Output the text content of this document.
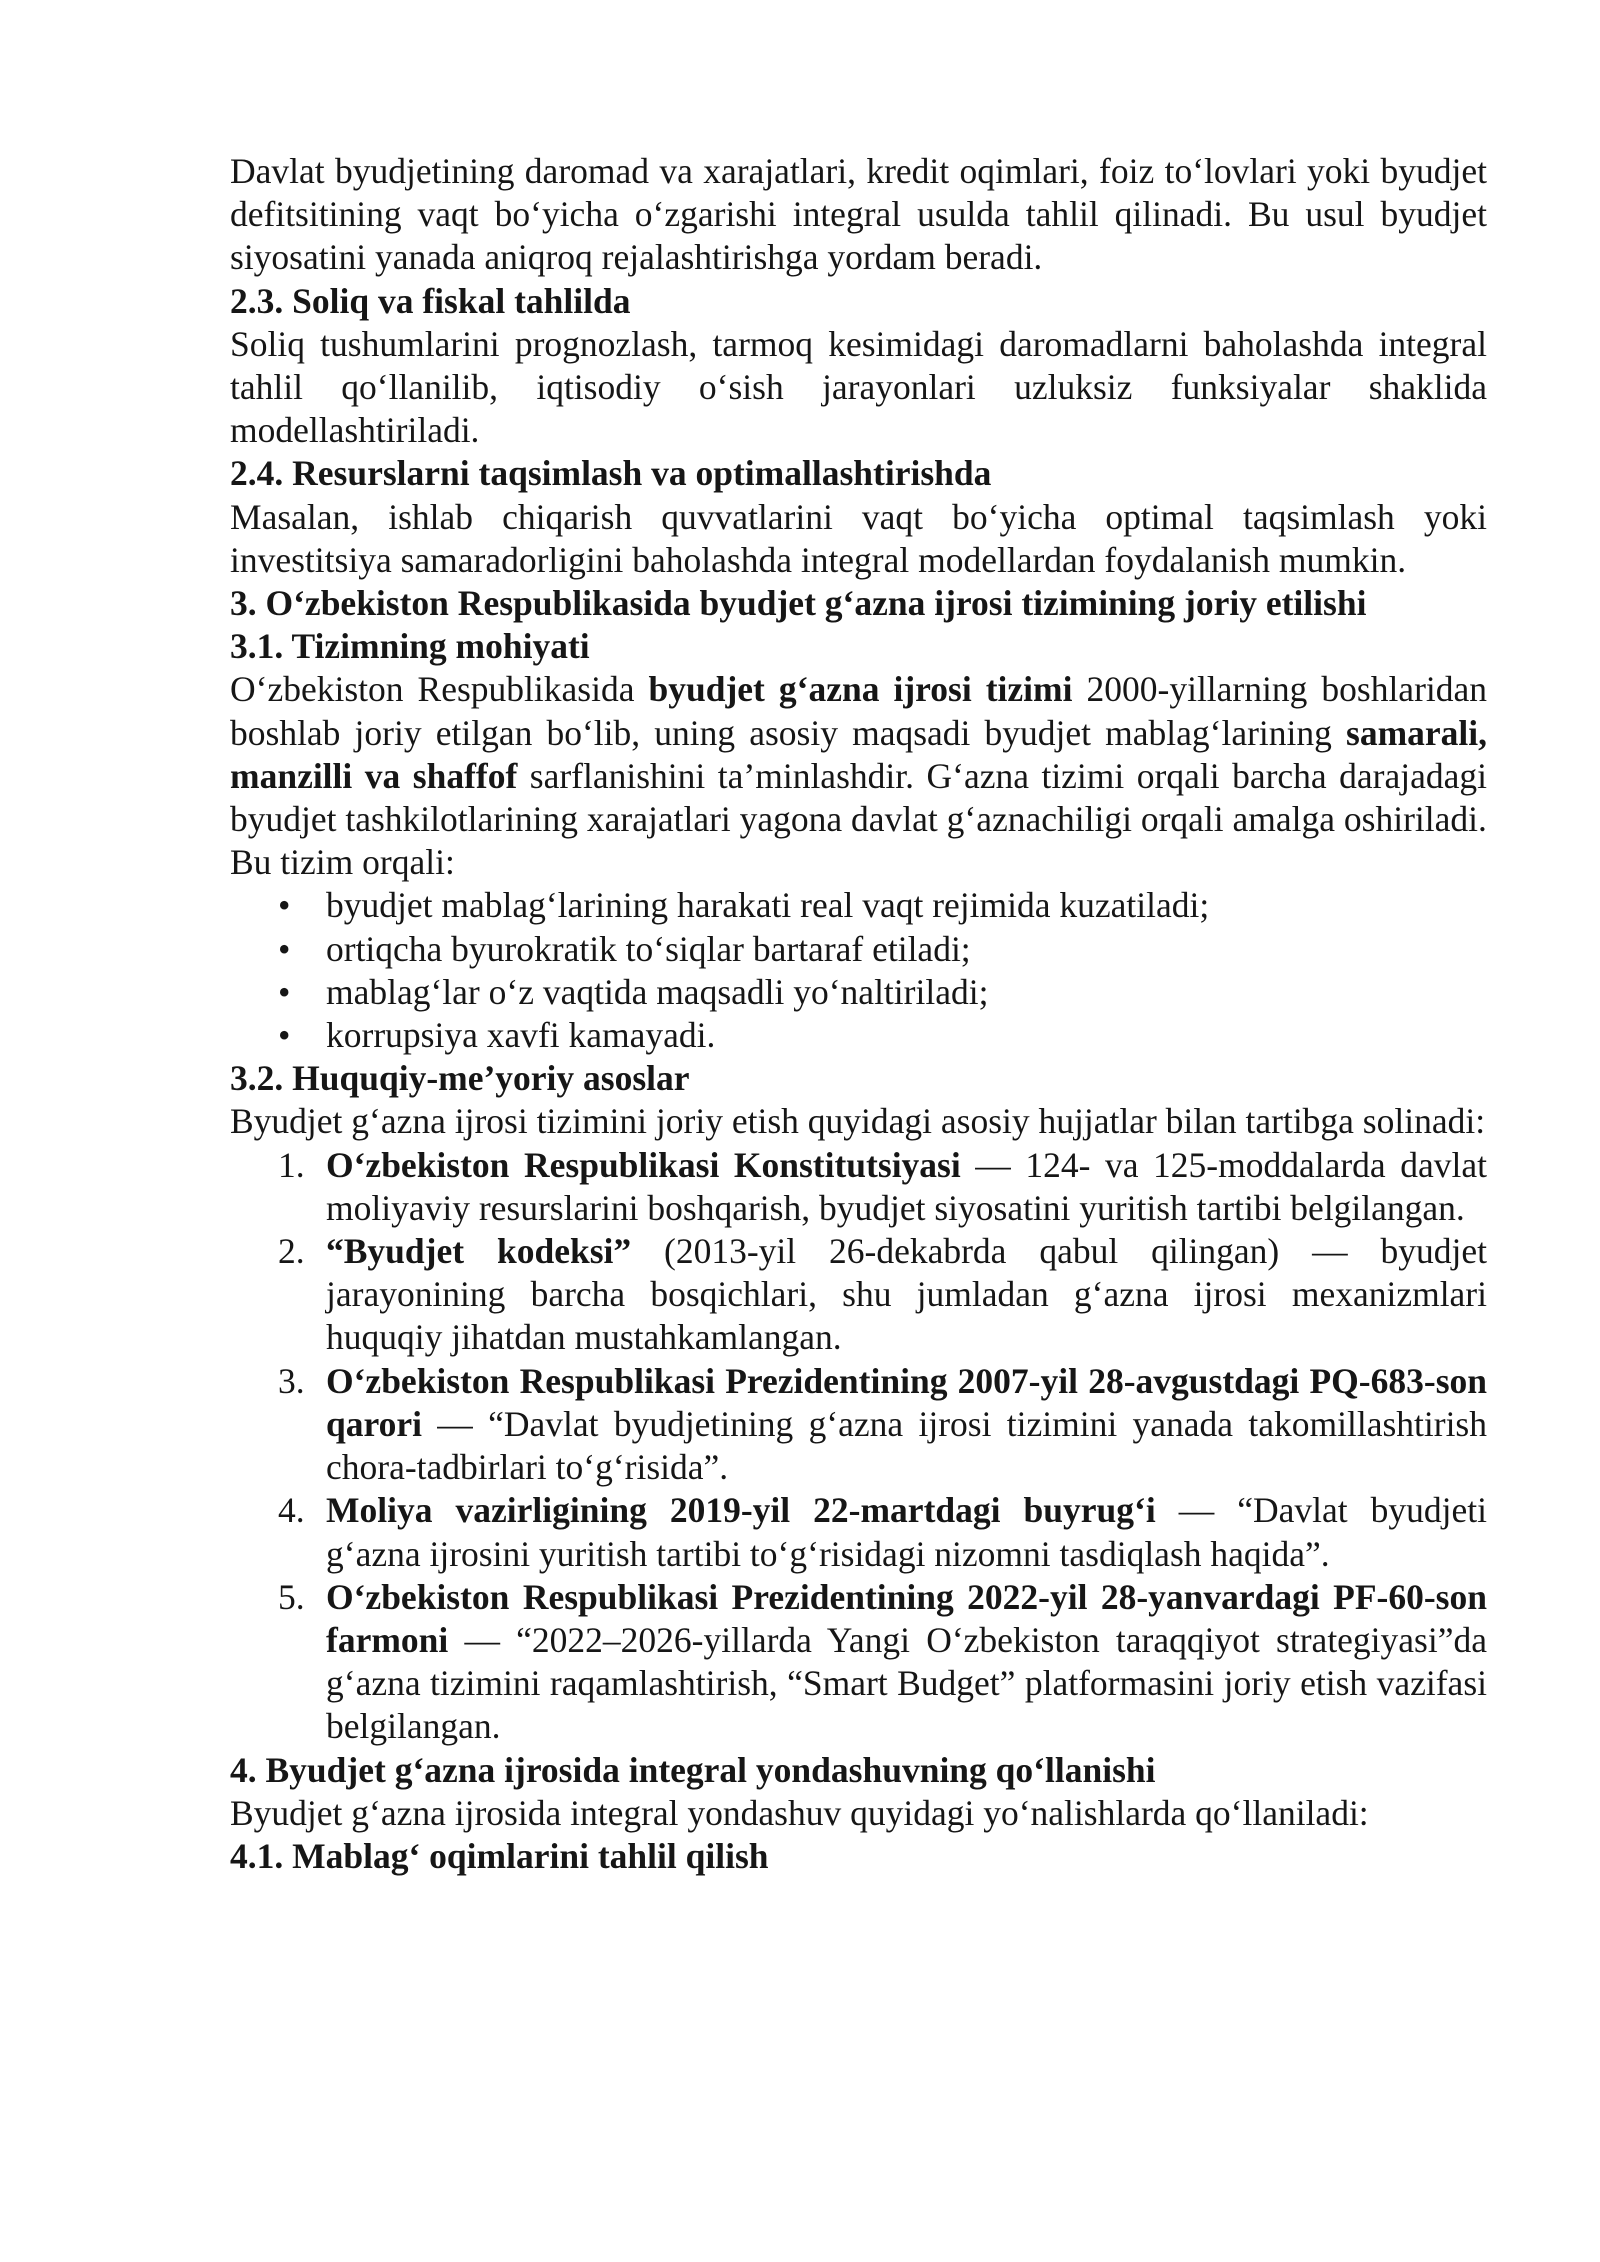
Davlat byudjetining daromad va xarajatlari, kredit oqimlari, foiz to‘lovlari yoki byudjet defitsitining vaqt bo‘yicha o‘zgarishi integral usulda tahlil qilinadi. Bu usul byudjet siyosatini yanada aniqroq rejalashtirishga yordam beradi.

2.3. Soliq va fiskal tahlilda

Soliq tushumlarini prognozlash, tarmoq kesimidagi daromadlarni baholashda integral tahlil qo‘llanilib, iqtisodiy o‘sish jarayonlari uzluksiz funksiyalar shaklida modellashtiriladi.

2.4. Resurslarni taqsimlash va optimallashtirishda

Masalan, ishlab chiqarish quvvatlarini vaqt bo‘yicha optimal taqsimlash yoki investitsiya samaradorligini baholashda integral modellardan foydalanish mumkin.

3. O‘zbekiston Respublikasida byudjet g‘azna ijrosi tizimining joriy etilishi

3.1. Tizimning mohiyati

O‘zbekiston Respublikasida byudjet g‘azna ijrosi tizimi 2000-yillarning boshlaridan boshlab joriy etilgan bo‘lib, uning asosiy maqsadi byudjet mablag‘larining samarali, manzilli va shaffof sarflanishini ta’minlashdir. G‘azna tizimi orqali barcha darajadagi byudjet tashkilotlarining xarajatlari yagona davlat g‘aznachiligi orqali amalga oshiriladi.

Bu tizim orqali:

• byudjet mablag‘larining harakati real vaqt rejimida kuzatiladi;
• ortiqcha byurokratik to‘siqlar bartaraf etiladi;
• mablag‘lar o‘z vaqtida maqsadli yo‘naltiriladi;
• korrupsiya xavfi kamayadi.

3.2. Huquqiy-me’yoriy asoslar

Byudjet g‘azna ijrosi tizimini joriy etish quyidagi asosiy hujjatlar bilan tartibga solinadi:

1. O‘zbekiston Respublikasi Konstitutsiyasi — 124- va 125-moddalarda davlat moliyaviy resurslarini boshqarish, byudjet siyosatini yuritish tartibi belgilangan.
2. “Byudjet kodeksi” (2013-yil 26-dekabrda qabul qilingan) — byudjet jarayonining barcha bosqichlari, shu jumladan g‘azna ijrosi mexanizmlari huquqiy jihatdan mustahkamlangan.
3. O‘zbekiston Respublikasi Prezidentining 2007-yil 28-avgustdagi PQ-683-son qarori — “Davlat byudjetining g‘azna ijrosi tizimini yanada takomillashtirish chora-tadbirlari to‘g‘risida”.
4. Moliya vazirligining 2019-yil 22-martdagi buyrug‘i — “Davlat byudjeti g‘azna ijrosini yuritish tartibi to‘g‘risidagi nizomni tasdiqlash haqida”.
5. O‘zbekiston Respublikasi Prezidentining 2022-yil 28-yanvardagi PF-60-son farmoni — “2022–2026-yillarda Yangi O‘zbekiston taraqqiyot strategiyasi”da g‘azna tizimini raqamlashtirish, “Smart Budget” platformasini joriy etish vazifasi belgilangan.

4. Byudjet g‘azna ijrosida integral yondashuvning qo‘llanishi

Byudjet g‘azna ijrosida integral yondashuv quyidagi yo‘nalishlarda qo‘llaniladi:

4.1. Mablag‘ oqimlarini tahlil qilish
